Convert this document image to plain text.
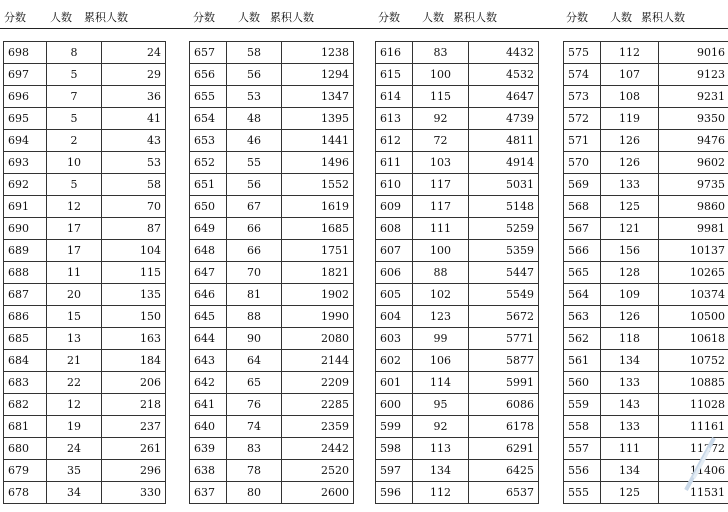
分数 人数 累积人数	分数 人数 累积人数	分数 人数 累积人数	分数 人数 累积人数
698	8	24
697	5	29
696	7	36
695	5	41
694	2	43
693	10	53
692	5	58
691	12	70
690	17	87
689	17	104
688	11	115
687	20	135
686	15	150
685	13	163
684	21	184
683	22	206
682	12	218
681	19	237
680	24	261
679	35	296
678	34	330
657	58	1238
656	56	1294
655	53	1347
654	48	1395
653	46	1441
652	55	1496
651	56	1552
650	67	1619
649	66	1685
648	66	1751
647	70	1821
646	81	1902
645	88	1990
644	90	2080
643	64	2144
642	65	2209
641	76	2285
640	74	2359
639	83	2442
638	78	2520
637	80	2600
616	83	4432
615	100	4532
614	115	4647
613	92	4739
612	72	4811
611	103	4914
610	117	5031
609	117	5148
608	111	5259
607	100	5359
606	88	5447
605	102	5549
604	123	5672
603	99	5771
602	106	5877
601	114	5991
600	95	6086
599	92	6178
598	113	6291
597	134	6425
596	112	6537
575	112	9016
574	107	9123
573	108	9231
572	119	9350
571	126	9476
570	126	9602
569	133	9735
568	125	9860
567	121	9981
566	156	10137
565	128	10265
564	109	10374
563	126	10500
562	118	10618
561	134	10752
560	133	10885
559	143	11028
558	133	11161
557	111	11272
556	134	11406
555	125	11531
